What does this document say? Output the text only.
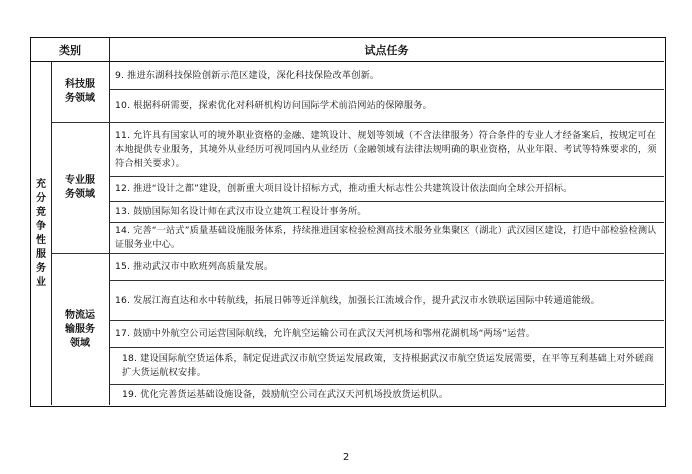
类别	试点任务
充分竞争性服务业
科技服务领域
专业服务领域
物流运输服务领域
9. 推进东湖科技保险创新示范区建设，深化科技保险改革创新。
10. 根据科研需要，探索优化对科研机构访问国际学术前沿网站的保障服务。
11. 允许具有国家认可的境外职业资格的金融、建筑设计、规划等领域（不含法律服务）符合条件的专业人才经备案后，按规定可在本地提供专业服务，其境外从业经历可视同国内从业经历（金融领域有法律法规明确的职业资格，从业年限、考试等特殊要求的，须符合相关要求）。
12. 推进“设计之都”建设，创新重大项目设计招标方式，推动重大标志性公共建筑设计依法面向全球公开招标。
13. 鼓励国际知名设计师在武汉市设立建筑工程设计事务所。
14. 完善“一站式”质量基础设施服务体系，持续推进国家检验检测高技术服务业集聚区（湖北）武汉园区建设，打造中部检验检测认证服务业中心。
15. 推动武汉市中欧班列高质量发展。
16. 发展江海直达和水中转航线，拓展日韩等近洋航线，加强长江流域合作，提升武汉市水铁联运国际中转通道能级。
17. 鼓励中外航空公司运营国际航线，允许航空运输公司在武汉天河机场和鄂州花湖机场“两场”运营。
18. 建设国际航空货运体系，制定促进武汉市航空货运发展政策，支持根据武汉市航空货运发展需要，在平等互利基础上对外磋商扩大货运航权安排。
19. 优化完善货运基础设施设备，鼓励航空公司在武汉天河机场投放货运机队。
2
